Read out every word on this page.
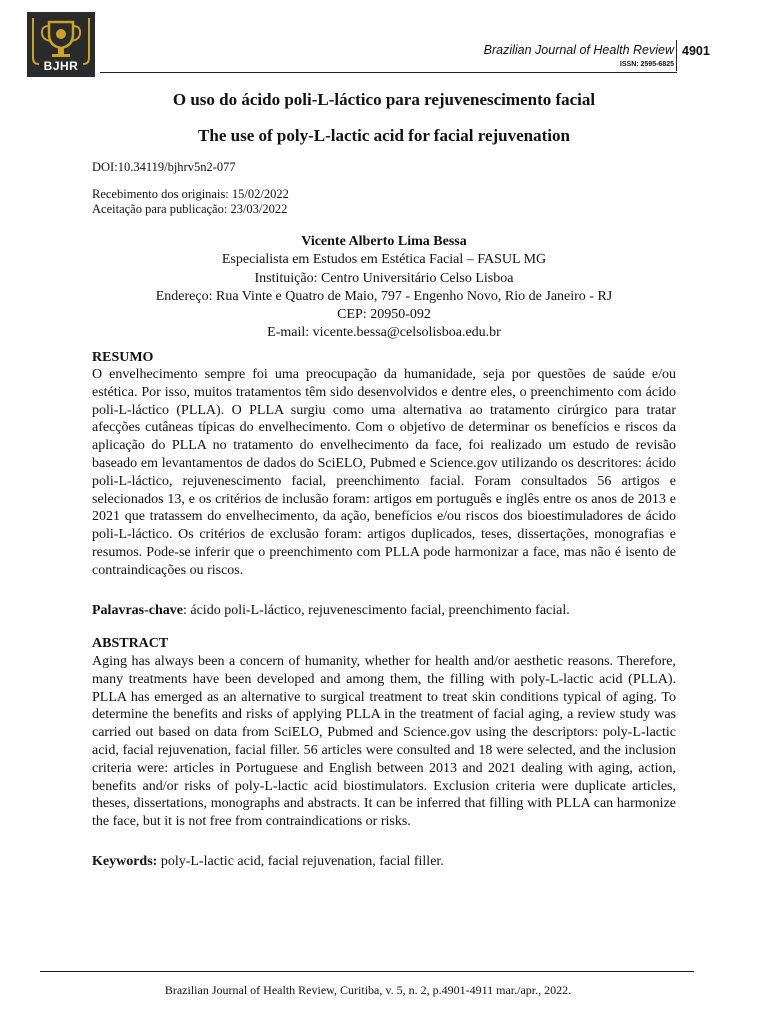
BJHR
Brazilian Journal of Health Review
ISSN: 2595-6825
4901
O uso do ácido poli-L-láctico para rejuvenescimento facial
The use of poly-L-lactic acid for facial rejuvenation
DOI:10.34119/bjhrv5n2-077
Recebimento dos originais: 15/02/2022
Aceitação para publicação: 23/03/2022
Vicente Alberto Lima Bessa
Especialista em Estudos em Estética Facial – FASUL MG
Instituição: Centro Universitário Celso Lisboa
Endereço: Rua Vinte e Quatro de Maio, 797 - Engenho Novo, Rio de Janeiro - RJ
CEP: 20950-092
E-mail: vicente.bessa@celsolisboa.edu.br
RESUMO

O envelhecimento sempre foi uma preocupação da humanidade, seja por questões de saúde e/ou estética. Por isso, muitos tratamentos têm sido desenvolvidos e dentre eles, o preenchimento com ácido poli-L-láctico (PLLA). O PLLA surgiu como uma alternativa ao tratamento cirúrgico para tratar afecções cutâneas típicas do envelhecimento. Com o objetivo de determinar os benefícios e riscos da aplicação do PLLA no tratamento do envelhecimento da face, foi realizado um estudo de revisão baseado em levantamentos de dados do SciELO, Pubmed e Science.gov utilizando os descritores: ácido poli-L-láctico, rejuvenescimento facial, preenchimento facial. Foram consultados 56 artigos e selecionados 13, e os critérios de inclusão foram: artigos em português e inglês entre os anos de 2013 e 2021 que tratassem do envelhecimento, da ação, benefícios e/ou riscos dos bioestimuladores de ácido poli-L-láctico. Os critérios de exclusão foram: artigos duplicados, teses, dissertações, monografias e resumos. Pode-se inferir que o preenchimento com PLLA pode harmonizar a face, mas não é isento de contraindicações ou riscos.

Palavras-chave: ácido poli-L-láctico, rejuvenescimento facial, preenchimento facial.
ABSTRACT

Aging has always been a concern of humanity, whether for health and/or aesthetic reasons. Therefore, many treatments have been developed and among them, the filling with poly-L-lactic acid (PLLA). PLLA has emerged as an alternative to surgical treatment to treat skin conditions typical of aging. To determine the benefits and risks of applying PLLA in the treatment of facial aging, a review study was carried out based on data from SciELO, Pubmed and Science.gov using the descriptors: poly-L-lactic acid, facial rejuvenation, facial filler. 56 articles were consulted and 18 were selected, and the inclusion criteria were: articles in Portuguese and English between 2013 and 2021 dealing with aging, action, benefits and/or risks of poly-L-lactic acid biostimulators. Exclusion criteria were duplicate articles, theses, dissertations, monographs and abstracts. It can be inferred that filling with PLLA can harmonize the face, but it is not free from contraindications or risks.

Keywords: poly-L-lactic acid, facial rejuvenation, facial filler.
Brazilian Journal of Health Review, Curitiba, v. 5, n. 2, p.4901-4911 mar./apr., 2022.
